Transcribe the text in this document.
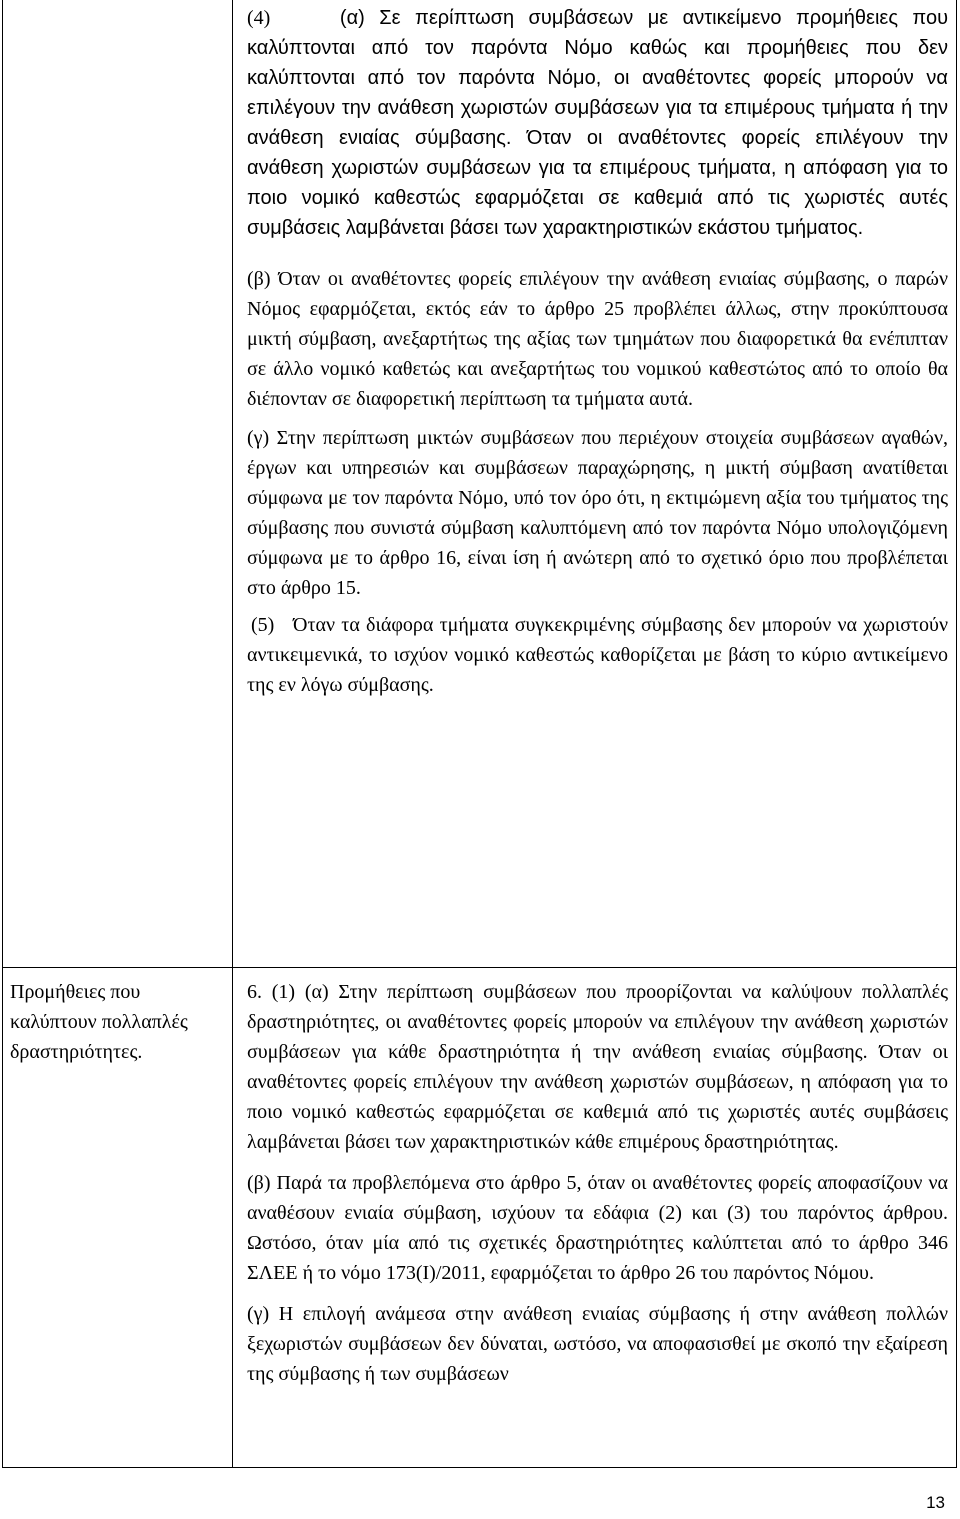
	(4) (α) Σε περίπτωση συμβάσεων με αντικείμενο προμήθειες που καλύπτονται από τον παρόντα Νόμο καθώς και προμήθειες που δεν καλύπτονται από τον παρόντα Νόμο, οι αναθέτοντες φορείς μπορούν να επιλέγουν την ανάθεση χωριστών συμβάσεων για τα επιμέρους τμήματα ή την ανάθεση ενιαίας σύμβασης. Όταν οι αναθέτοντες φορείς επιλέγουν την ανάθεση χωριστών συμβάσεων για τα επιμέρους τμήματα, η απόφαση για το ποιο νομικό καθεστώς εφαρμόζεται σε καθεμιά από τις χωριστές αυτές συμβάσεις λαμβάνεται βάσει των χαρακτηριστικών εκάστου τμήματος.

(β) Όταν οι αναθέτοντες φορείς επιλέγουν την ανάθεση ενιαίας σύμβασης, ο παρών Νόμος εφαρμόζεται, εκτός εάν το άρθρο 25 προβλέπει άλλως, στην προκύπτουσα μικτή σύμβαση, ανεξαρτήτως της αξίας των τμημάτων που διαφορετικά θα ενέπιπταν σε άλλο νομικό καθετώς και ανεξαρτήτως του νομικού καθεστώτος από το οποίο θα διέπονταν σε διαφορετική περίπτωση τα τμήματα αυτά.

(γ) Στην περίπτωση μικτών συμβάσεων που περιέχουν στοιχεία συμβάσεων αγαθών, έργων και υπηρεσιών και συμβάσεων παραχώρησης, η μικτή σύμβαση ανατίθεται σύμφωνα με τον παρόντα Νόμο, υπό τον όρο ότι, η εκτιμώμενη αξία του τμήματος της σύμβασης που συνιστά σύμβαση καλυπτόμενη από τον παρόντα Νόμο υπολογιζόμενη σύμφωνα με το άρθρο 16, είναι ίση ή ανώτερη από το σχετικό όριο που προβλέπεται στο άρθρο 15.

(5) Όταν τα διάφορα τμήματα συγκεκριμένης σύμβασης δεν μπορούν να χωριστούν αντικειμενικά, το ισχύον νομικό καθεστώς καθορίζεται με βάση το κύριο αντικείμενο της εν λόγω σύμβασης.

Προμήθειες που καλύπτουν πολλαπλές δραστηριότητες.	6. (1) (α) Στην περίπτωση συμβάσεων που προορίζονται να καλύψουν πολλαπλές δραστηριότητες, οι αναθέτοντες φορείς μπορούν να επιλέγουν την ανάθεση χωριστών συμβάσεων για κάθε δραστηριότητα ή την ανάθεση ενιαίας σύμβασης. Όταν οι αναθέτοντες φορείς επιλέγουν την ανάθεση χωριστών συμβάσεων, η απόφαση για το ποιο νομικό καθεστώς εφαρμόζεται σε καθεμιά από τις χωριστές αυτές συμβάσεις λαμβάνεται βάσει των χαρακτηριστικών κάθε επιμέρους δραστηριότητας.

(β) Παρά τα προβλεπόμενα στο άρθρο 5, όταν οι αναθέτοντες φορείς αποφασίζουν να αναθέσουν ενιαία σύμβαση, ισχύουν τα εδάφια (2) και (3) του παρόντος άρθρου. Ωστόσο, όταν μία από τις σχετικές δραστηριότητες καλύπτεται από το άρθρο 346 ΣΛΕΕ ή το νόμο 173(Ι)/2011, εφαρμόζεται το άρθρο 26 του παρόντος Νόμου.

(γ) Η επιλογή ανάμεσα στην ανάθεση ενιαίας σύμβασης ή στην ανάθεση πολλών ξεχωριστών συμβάσεων δεν δύναται, ωστόσο, να αποφασισθεί με σκοπό την εξαίρεση της σύμβασης ή των συμβάσεων

13
